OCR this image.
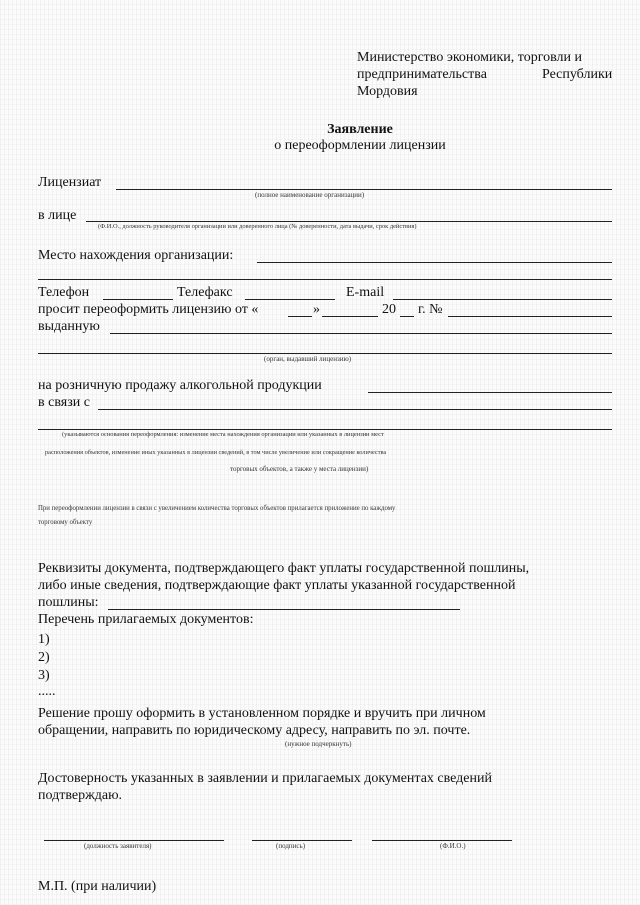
Министерство экономики, торговли и
предпринимательства	Республики
Мордовия
Заявление
о переоформлении лицензии
Лицензиат
(полное наименование организации)
в лице
(Ф.И.О., должность руководителя организации или доверенного лица (№ доверенности, дата выдачи, срок действия)
Место нахождения организации:
Телефон	Телефакс	E-mail
просит переоформить лицензию от «	»	20 г. №
выданную
(орган, выдавший лицензию)
на розничную продажу алкогольной продукции
в связи с
(указываются основания переоформления: изменение места нахождения организации или указанных в лицензии мест
расположения объектов, изменение иных указанных в лицензии сведений, в том числе увеличение или сокращение количества
торговых объектов, а также у места лицензии)
При переоформлении лицензии в связи с увеличением количества торговых объектов прилагается приложение по каждому
торговому объекту
Реквизиты документа, подтверждающего факт уплаты государственной пошлины,
либо иные сведения, подтверждающие факт уплаты указанной государственной
пошлины:
Перечень прилагаемых документов:
1)
2)
3)
.....
Решение прошу оформить в установленном порядке и вручить при личном
обращении, направить по юридическому адресу, направить по эл. почте.
(нужное подчеркнуть)
Достоверность указанных в заявлении и прилагаемых документах сведений
подтверждаю.
(должность заявителя)	(подпись)	(Ф.И.О.)
М.П. (при наличии)
